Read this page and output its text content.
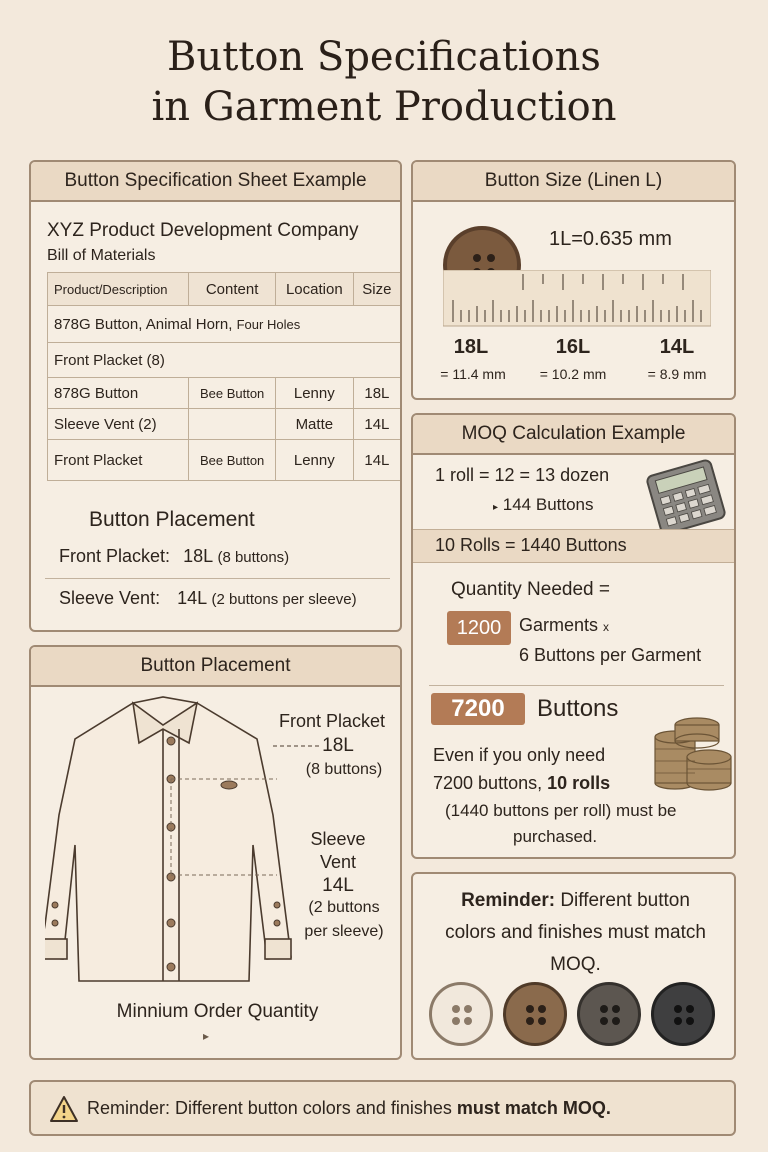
Button Specifications
in Garment Production
Button Specification Sheet Example
XYZ Product Development Company
Bill of Materials
Product/Description	Content	Location	Size
878G Button, Animal Horn, Four Holes			
Front Placket (8)			
878G Button	Bee Button	Lenny	18L
Sleeve Vent (2)		Matte	14L
Front Placket	Bee Button	Lenny	14L
Button Placement
Front Placket: 18L (8 buttons)
Sleeve Vent: 14L (2 buttons per sleeve)
Button Size (Linen L)
1L=0.635 mm
18L	16L	14L
= 11.4 mm	= 10.2 mm	= 8.9 mm
MOQ Calculation Example
1 roll = 12 = 13 dozen
▸ 144 Buttons
10 Rolls = 1440 Buttons
Quantity Needed =
1200 Garments x
6 Buttons per Garment
7200	Buttons
Even if you only need
7200 buttons, 10 rolls
(1440 buttons per roll) must be
purchased.
Button Placement
Front Placket
18L
(8 buttons)
Sleeve
Vent
14L
(2 buttons
per sleeve)
Minnium Order Quantity
▸
Reminder: Different button
colors and finishes must match
MOQ.
Reminder: Different button colors and finishes must match MOQ.
